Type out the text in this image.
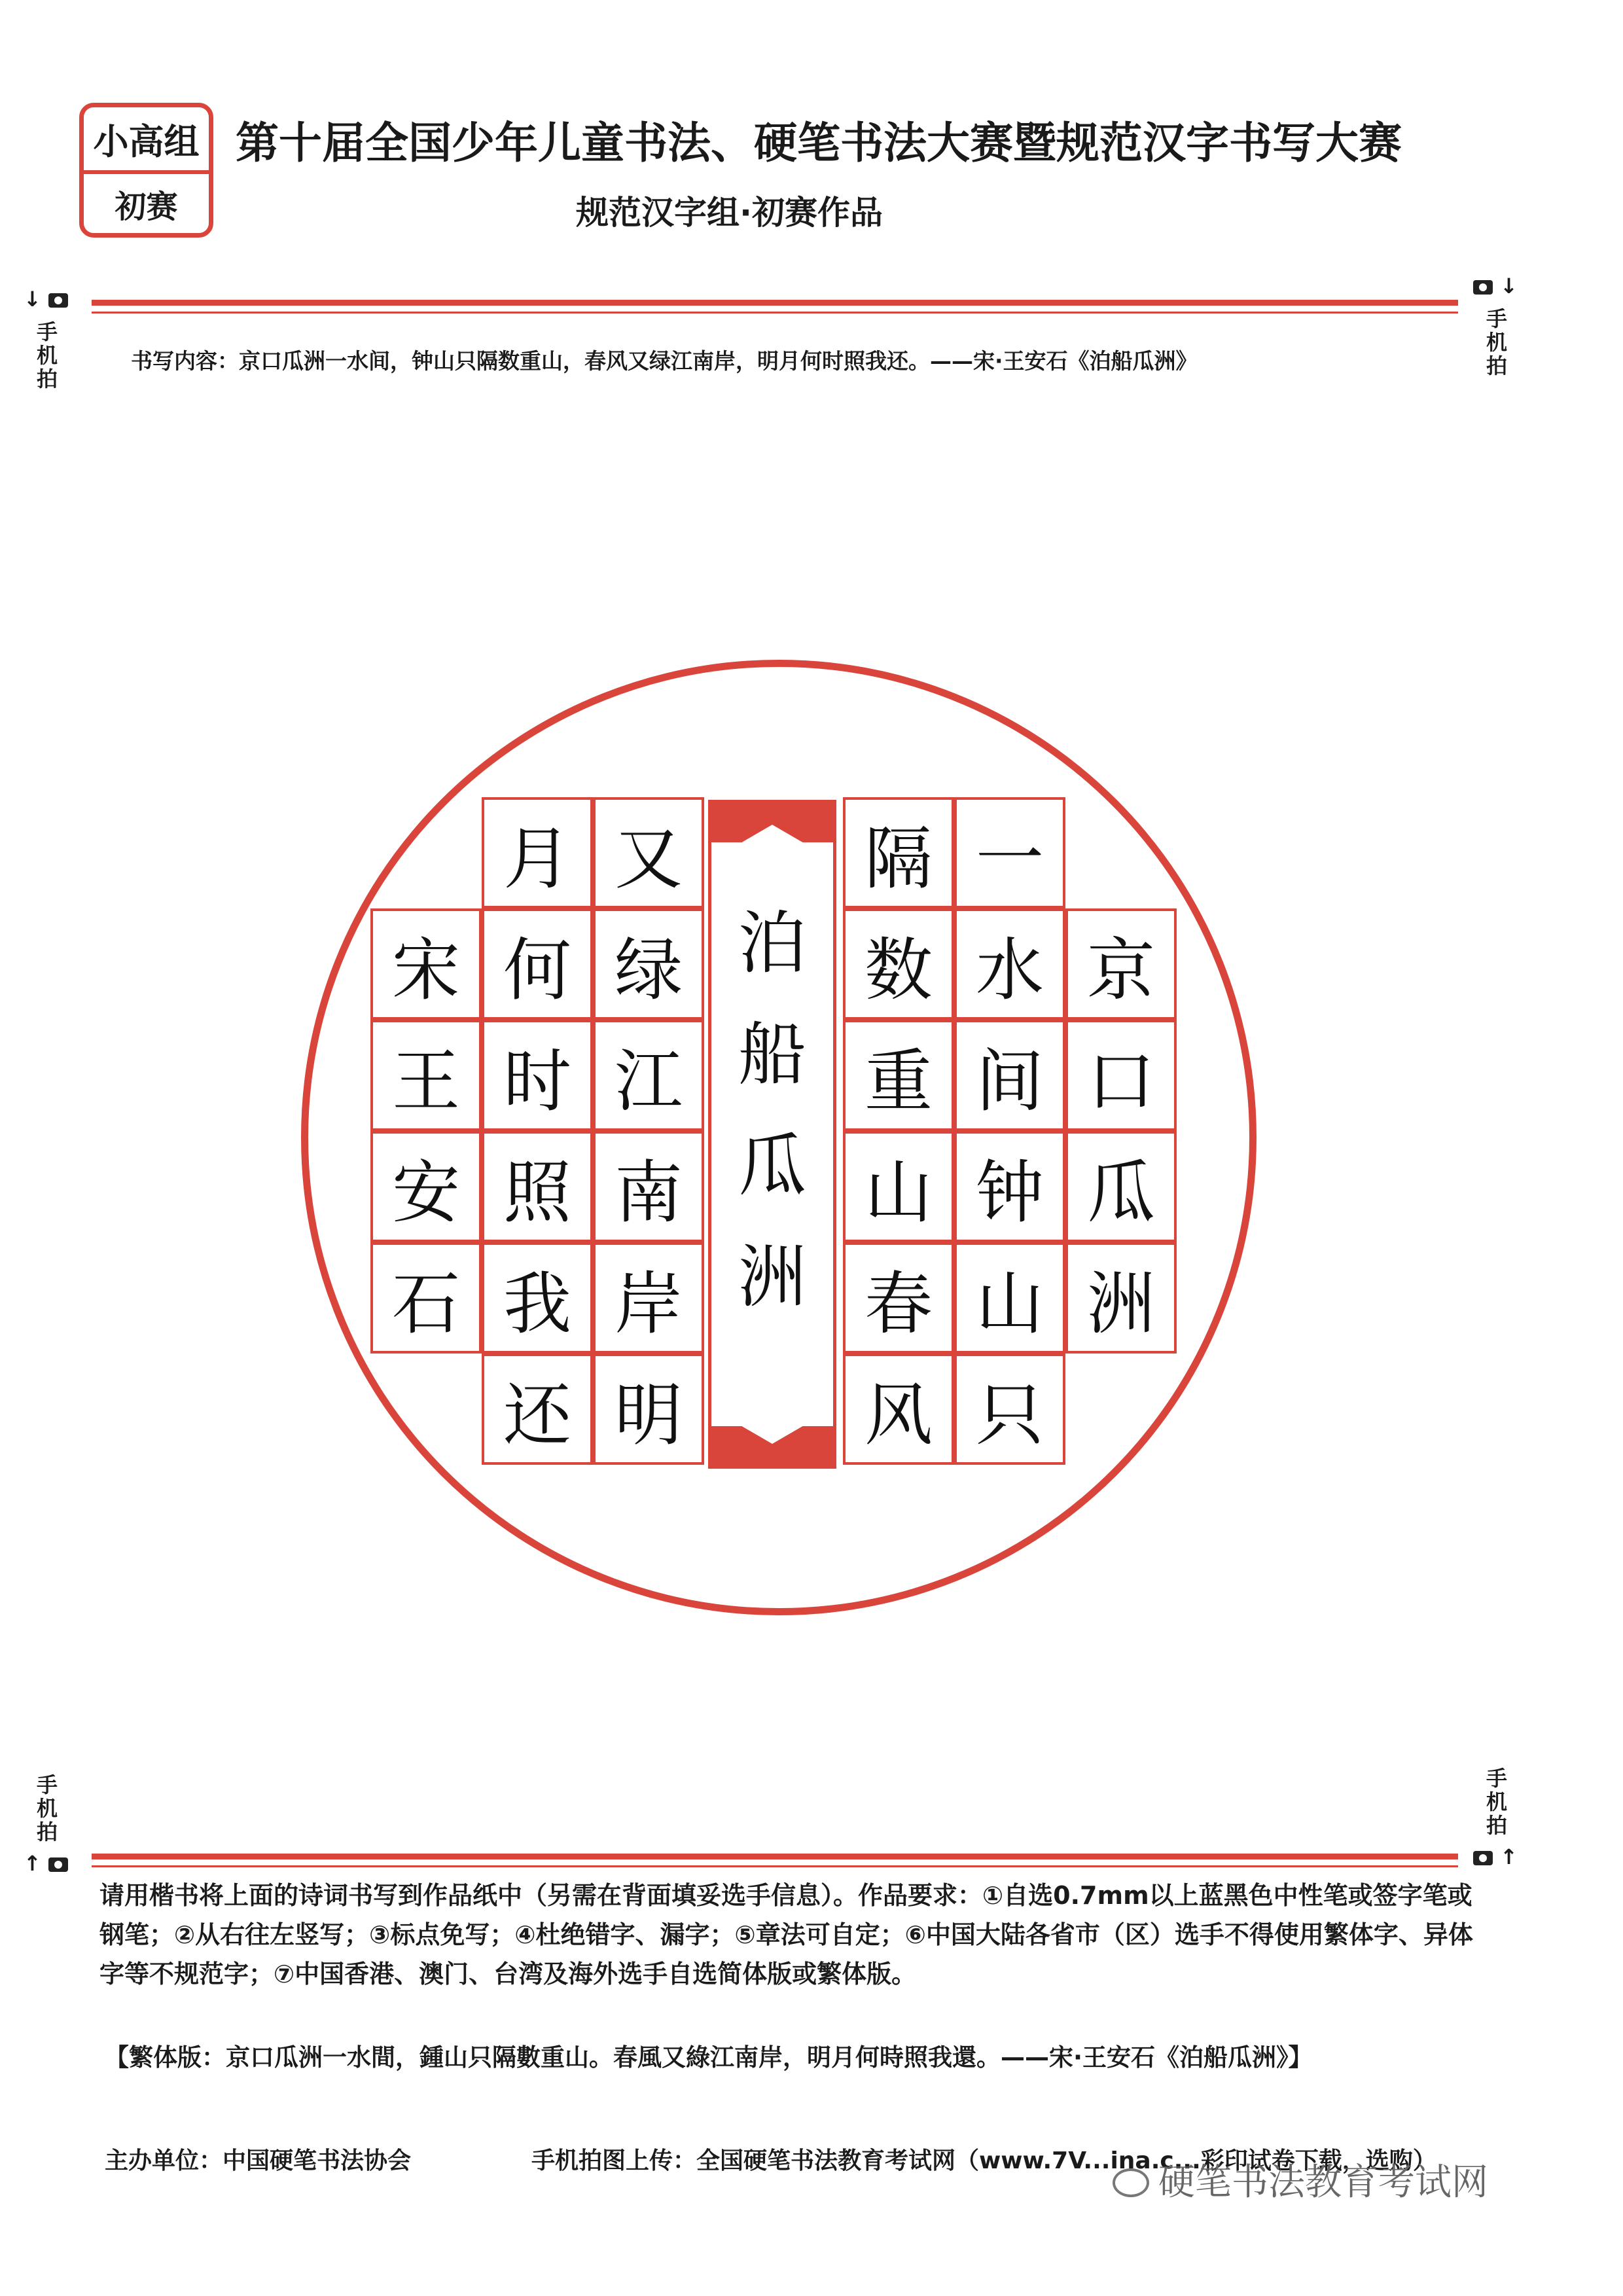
小高组
初赛
第十届全国少年儿童书法、硬笔书法大赛暨规范汉字书写大赛
规范汉字组·初赛作品
↓
手机拍
↓
手机拍
书写内容：京口瓜洲一水间，钟山只隔数重山，春风又绿江南岸，明月何时照我还。——宋·王安石《泊船瓜洲》
京
口
瓜
洲
一
水
间
钟
山
只
隔
数
重
山
春
风
又
绿
江
南
岸
明
月
何
时
照
我
还
宋
王
安
石
泊
船
瓜
洲
手机拍
↑
手机拍
↑
请用楷书将上面的诗词书写到作品纸中（另需在背面填妥选手信息）。作品要求：①自选0.7mm以上蓝黑色中性笔或签字笔或钢笔；②从右往左竖写；③标点免写；④杜绝错字、漏字；⑤章法可自定；⑥中国大陆各省市（区）选手不得使用繁体字、异体字等不规范字；⑦中国香港、澳门、台湾及海外选手自选简体版或繁体版。
【繁体版：京口瓜洲一水間，鍾山只隔數重山。春風又綠江南岸，明月何時照我還。——宋·王安石《泊船瓜洲》】
主办单位：中国硬笔书法协会	手机拍图上传：全国硬笔书法教育考试网（www.7V...ina.c...彩印试卷下载，选购）
硬笔书法教育考试网
